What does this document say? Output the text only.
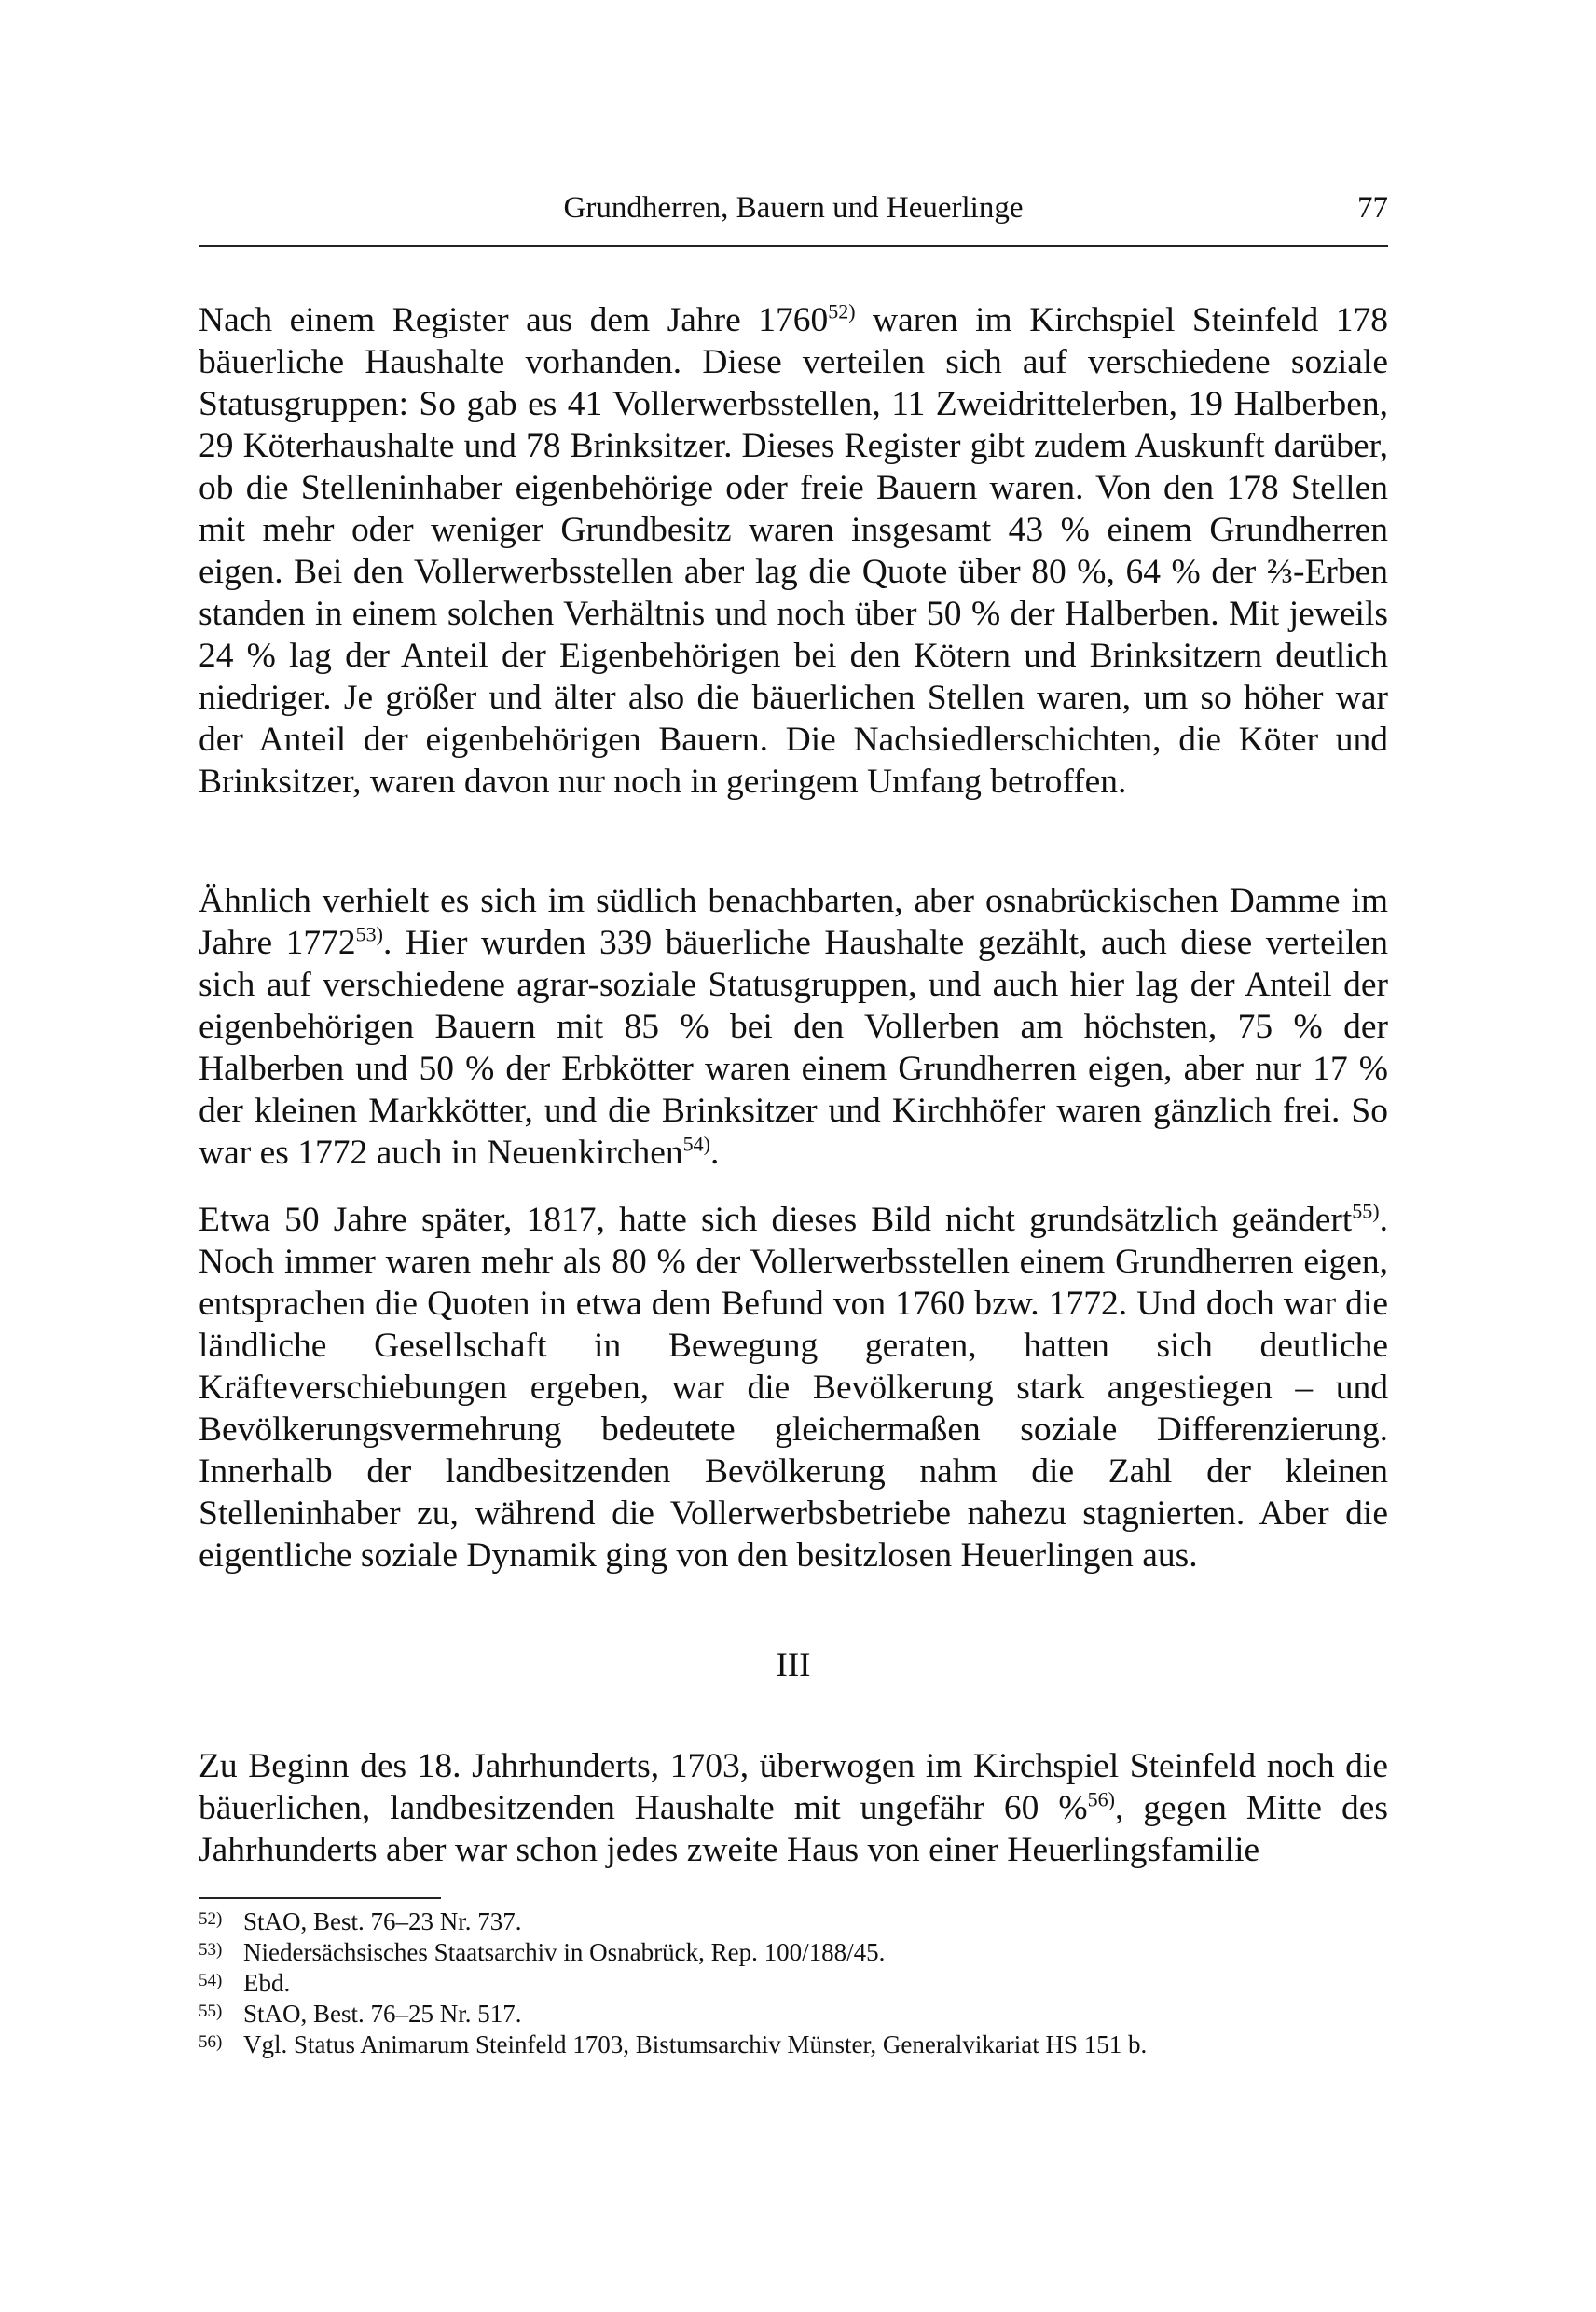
Grundherren, Bauern und Heuerlinge	77

Nach einem Register aus dem Jahre 1760$^{52)}$ waren im Kirchspiel Steinfeld 178 bäuerliche Haushalte vorhanden. Diese verteilen sich auf verschiedene soziale Statusgruppen: So gab es 41 Vollerwerbsstellen, 11 Zweidrittelerben, 19 Halberben, 29 Köterhaushalte und 78 Brinksitzer. Dieses Register gibt zudem Auskunft darüber, ob die Stelleninhaber eigenbehörige oder freie Bauern waren. Von den 178 Stellen mit mehr oder weniger Grundbesitz waren insgesamt 43 % einem Grundherren eigen. Bei den Vollerwerbsstellen aber lag die Quote über 80 %, 64 % der ⅔-Erben standen in einem solchen Verhältnis und noch über 50 % der Halberben. Mit jeweils 24 % lag der Anteil der Eigenbehörigen bei den Kötern und Brinksitzern deutlich niedriger. Je größer und älter also die bäuerlichen Stellen waren, um so höher war der Anteil der eigenbehörigen Bauern. Die Nachsiedlerschichten, die Köter und Brinksitzer, waren davon nur noch in geringem Umfang betroffen.

Ähnlich verhielt es sich im südlich benachbarten, aber osnabrückischen Damme im Jahre 1772$^{53)}$. Hier wurden 339 bäuerliche Haushalte gezählt, auch diese verteilen sich auf verschiedene agrar-soziale Statusgruppen, und auch hier lag der Anteil der eigenbehörigen Bauern mit 85 % bei den Vollerben am höchsten, 75 % der Halberben und 50 % der Erbkötter waren einem Grundherren eigen, aber nur 17 % der kleinen Markkötter, und die Brinksitzer und Kirchhöfer waren gänzlich frei. So war es 1772 auch in Neuenkirchen$^{54)}$.

Etwa 50 Jahre später, 1817, hatte sich dieses Bild nicht grundsätzlich geändert$^{55)}$. Noch immer waren mehr als 80 % der Vollerwerbsstellen einem Grundherren eigen, entsprachen die Quoten in etwa dem Befund von 1760 bzw. 1772. Und doch war die ländliche Gesellschaft in Bewegung geraten, hatten sich deutliche Kräfteverschiebungen ergeben, war die Bevölkerung stark angestiegen – und Bevölkerungsvermehrung bedeutete gleichermaßen soziale Differenzierung. Innerhalb der landbesitzenden Bevölkerung nahm die Zahl der kleinen Stelleninhaber zu, während die Vollerwerbsbetriebe nahezu stagnierten. Aber die eigentliche soziale Dynamik ging von den besitzlosen Heuerlingen aus.

III

Zu Beginn des 18. Jahrhunderts, 1703, überwogen im Kirchspiel Steinfeld noch die bäuerlichen, landbesitzenden Haushalte mit ungefähr 60 %$^{56)}$, gegen Mitte des Jahrhunderts aber war schon jedes zweite Haus von einer Heuerlingsfamilie

52) StAO, Best. 76–23 Nr. 737.
53) Niedersächsisches Staatsarchiv in Osnabrück, Rep. 100/188/45.
54) Ebd.
55) StAO, Best. 76–25 Nr. 517.
56) Vgl. Status Animarum Steinfeld 1703, Bistumsarchiv Münster, Generalvikariat HS 151 b.
